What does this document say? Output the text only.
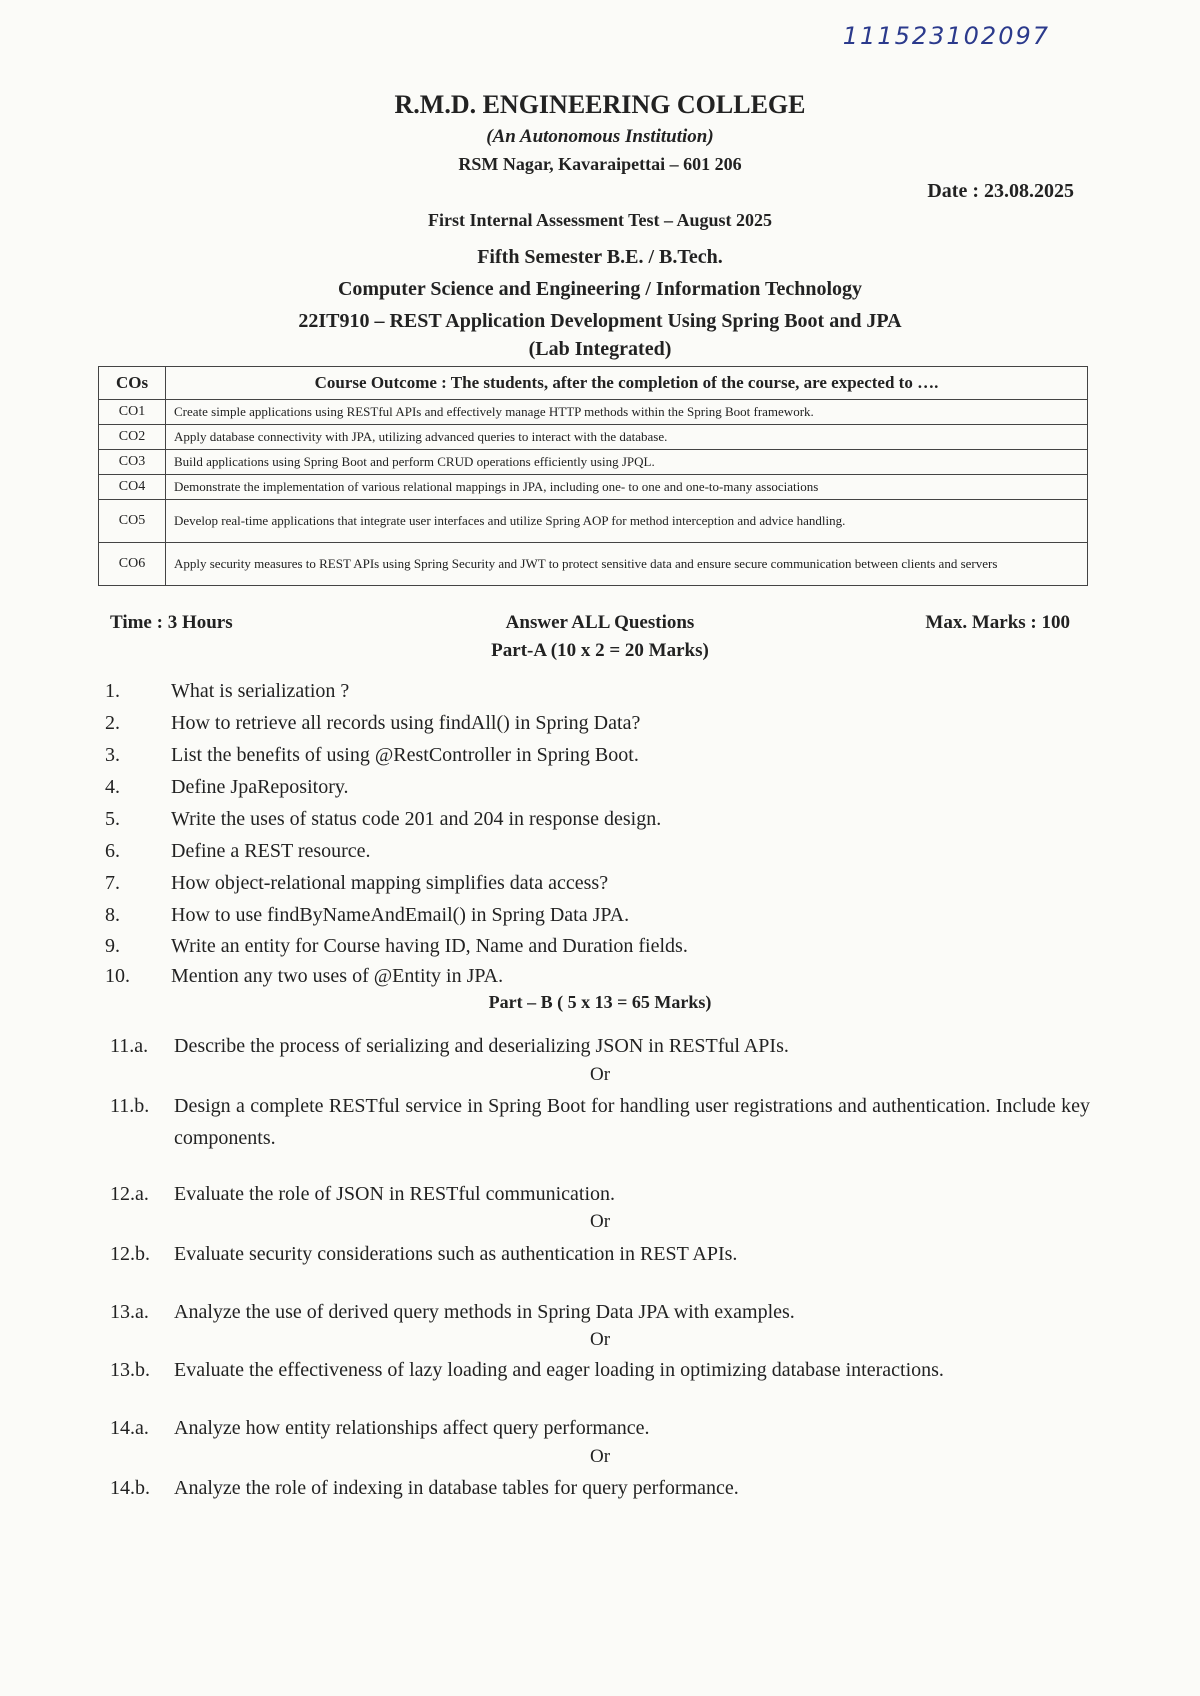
111523102097
R.M.D. ENGINEERING COLLEGE
(An Autonomous Institution)
RSM Nagar, Kavaraipettai – 601 206
Date : 23.08.2025
First Internal Assessment Test – August 2025
Fifth Semester B.E. / B.Tech.
Computer Science and Engineering / Information Technology
22IT910 – REST Application Development Using Spring Boot and JPA
(Lab Integrated)
COs	Course Outcome : The students, after the completion of the course, are expected to ….
CO1	Create simple applications using RESTful APIs and effectively manage HTTP methods within the Spring Boot framework.
CO2	Apply database connectivity with JPA, utilizing advanced queries to interact with the database.
CO3	Build applications using Spring Boot and perform CRUD operations efficiently using JPQL.
CO4	Demonstrate the implementation of various relational mappings in JPA, including one- to one and one-to-many associations
CO5	Develop real-time applications that integrate user interfaces and utilize Spring AOP for method interception and advice handling.
CO6	Apply security measures to REST APIs using Spring Security and JWT to protect sensitive data and ensure secure communication between clients and servers
Time : 3 Hours	Answer ALL Questions	Max. Marks : 100
Part-A (10 x 2 = 20 Marks)
1.	What is serialization ?
2.	How to retrieve all records using findAll() in Spring Data?
3.	List the benefits of using @RestController in Spring Boot.
4.	Define JpaRepository.
5.	Write the uses of status code 201 and 204 in response design.
6.	Define a REST resource.
7.	How object-relational mapping simplifies data access?
8.	How to use findByNameAndEmail() in Spring Data JPA.
9.	Write an entity for Course having ID, Name and Duration fields.
10. Mention any two uses of @Entity in JPA.
Part – B ( 5 x 13 = 65 Marks)
11.a. Describe the process of serializing and deserializing JSON in RESTful APIs.
Or
11.b. Design a complete RESTful service in Spring Boot for handling user registrations and authentication. Include key components.
12.a. Evaluate the role of JSON in RESTful communication.
Or
12.b. Evaluate security considerations such as authentication in REST APIs.
13.a. Analyze the use of derived query methods in Spring Data JPA with examples.
Or
13.b. Evaluate the effectiveness of lazy loading and eager loading in optimizing database interactions.
14.a. Analyze how entity relationships affect query performance.
Or
14.b. Analyze the role of indexing in database tables for query performance.
